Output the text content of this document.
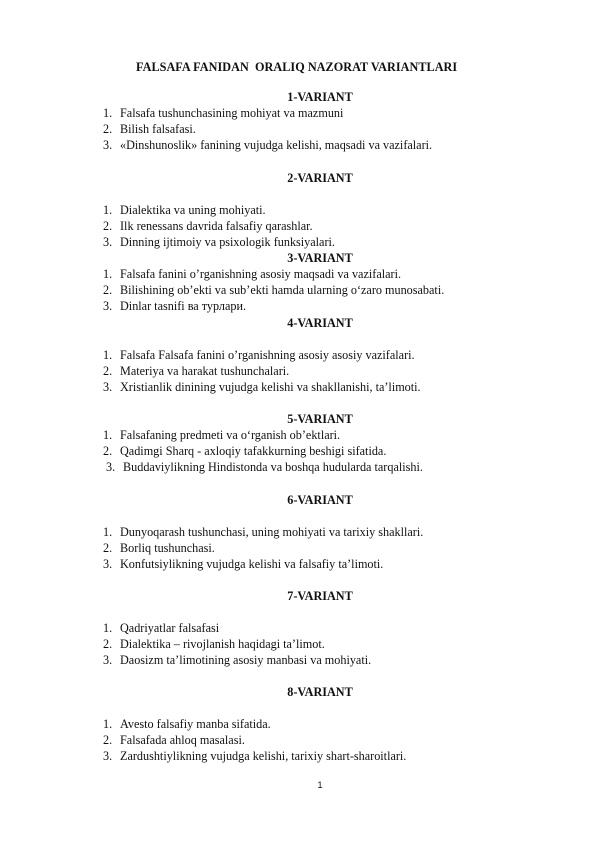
FALSAFA FANIDAN  ORALIQ NAZORAT VARIANTLARI
1-VARIANT
1. Falsafa tushunchasining mohiyat va mazmuni
2. Bilish falsafasi.
3. «Dinshunoslik» fanining vujudga kelishi, maqsadi va vazifalari.
2-VARIANT
1. Dialektika va uning mohiyati.
2. Ilk renessans davrida falsafiy qarashlar.
3. Dinning ijtimoiy va psixologik funksiyalari.
3-VARIANT
1. Falsafa fanini o’rganishning asosiy maqsadi va vazifalari.
2. Bilishining ob’ekti va sub’ekti hamda ularning o‘zaro munosabati.
3. Dinlar tasnifi ва турлари.
4-VARIANT
1. Falsafa Falsafa fanini o’rganishning asosiy asosiy vazifalari.
2. Materiya va harakat tushunchalari.
3. Xristianlik dinining vujudga kelishi va shakllanishi, ta’limoti.
5-VARIANT
1. Falsafaning predmeti va o‘rganish ob’ektlari.
2. Qadimgi Sharq - axloqiy tafakkurning beshigi sifatida.
3. Buddaviylikning Hindistonda va boshqa hudularda tarqalishi.
6-VARIANT
1. Dunyoqarash tushunchasi, uning mohiyati va tarixiy shakllari.
2. Borliq tushunchasi.
3. Konfutsiylikning vujudga kelishi va falsafiy ta’limoti.
7-VARIANT
1. Qadriyatlar falsafasi
2. Dialektika – rivojlanish haqidagi ta’limot.
3. Daosizm ta’limotining asosiy manbasi va mohiyati.
8-VARIANT
1. Avesto falsafiy manba sifatida.
2. Falsafada ahloq masalasi.
3. Zardushtiylikning vujudga kelishi, tarixiy shart-sharoitlari.
1
